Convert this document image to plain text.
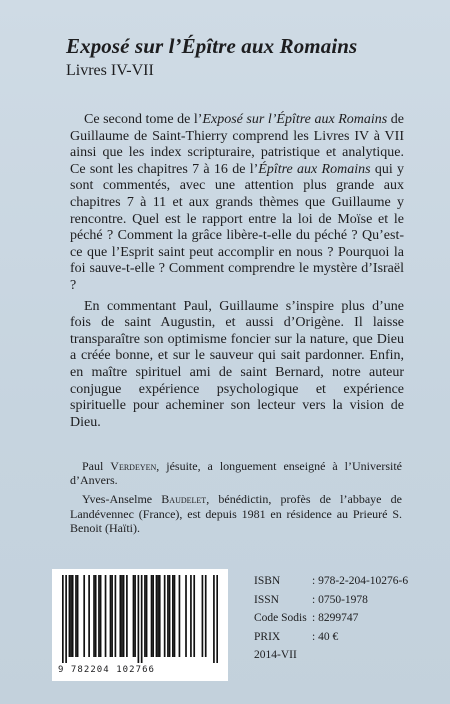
Exposé sur l’Épître aux Romains
Livres IV-VII

Ce second tome de l’Exposé sur l’Épître aux Romains de Guillaume de Saint-Thierry comprend les Livres IV à VII ainsi que les index scripturaire, patristique et analytique. Ce sont les chapitres 7 à 16 de l’Épître aux Romains qui y sont commentés, avec une attention plus grande aux chapitres 7 à 11 et aux grands thèmes que Guillaume y rencontre. Quel est le rapport entre la loi de Moïse et le péché ? Comment la grâce libère-t-elle du péché ? Qu’est-ce que l’Esprit saint peut accomplir en nous ? Pourquoi la foi sauve-t-elle ? Comment comprendre le mystère d’Israël ?

En commentant Paul, Guillaume s’inspire plus d’une fois de saint Augustin, et aussi d’Origène. Il laisse transparaître son optimisme foncier sur la nature, que Dieu a créée bonne, et sur le sauveur qui sait pardonner. Enfin, en maître spirituel ami de saint Bernard, notre auteur conjugue expérience psychologique et expérience spirituelle pour acheminer son lecteur vers la vision de Dieu.

Paul Verdeyen, jésuite, a longuement enseigné à l’Université d’Anvers.

Yves-Anselme Baudelet, bénédictin, profès de l’abbaye de Landévennec (France), est depuis 1981 en résidence au Prieuré S. Benoit (Haïti).

9 782204 102766
ISBN	: 978-2-204-10276-6
ISSN	: 0750-1978
Code Sodis : 8299747
PRIX	: 40 €
2014-VII
